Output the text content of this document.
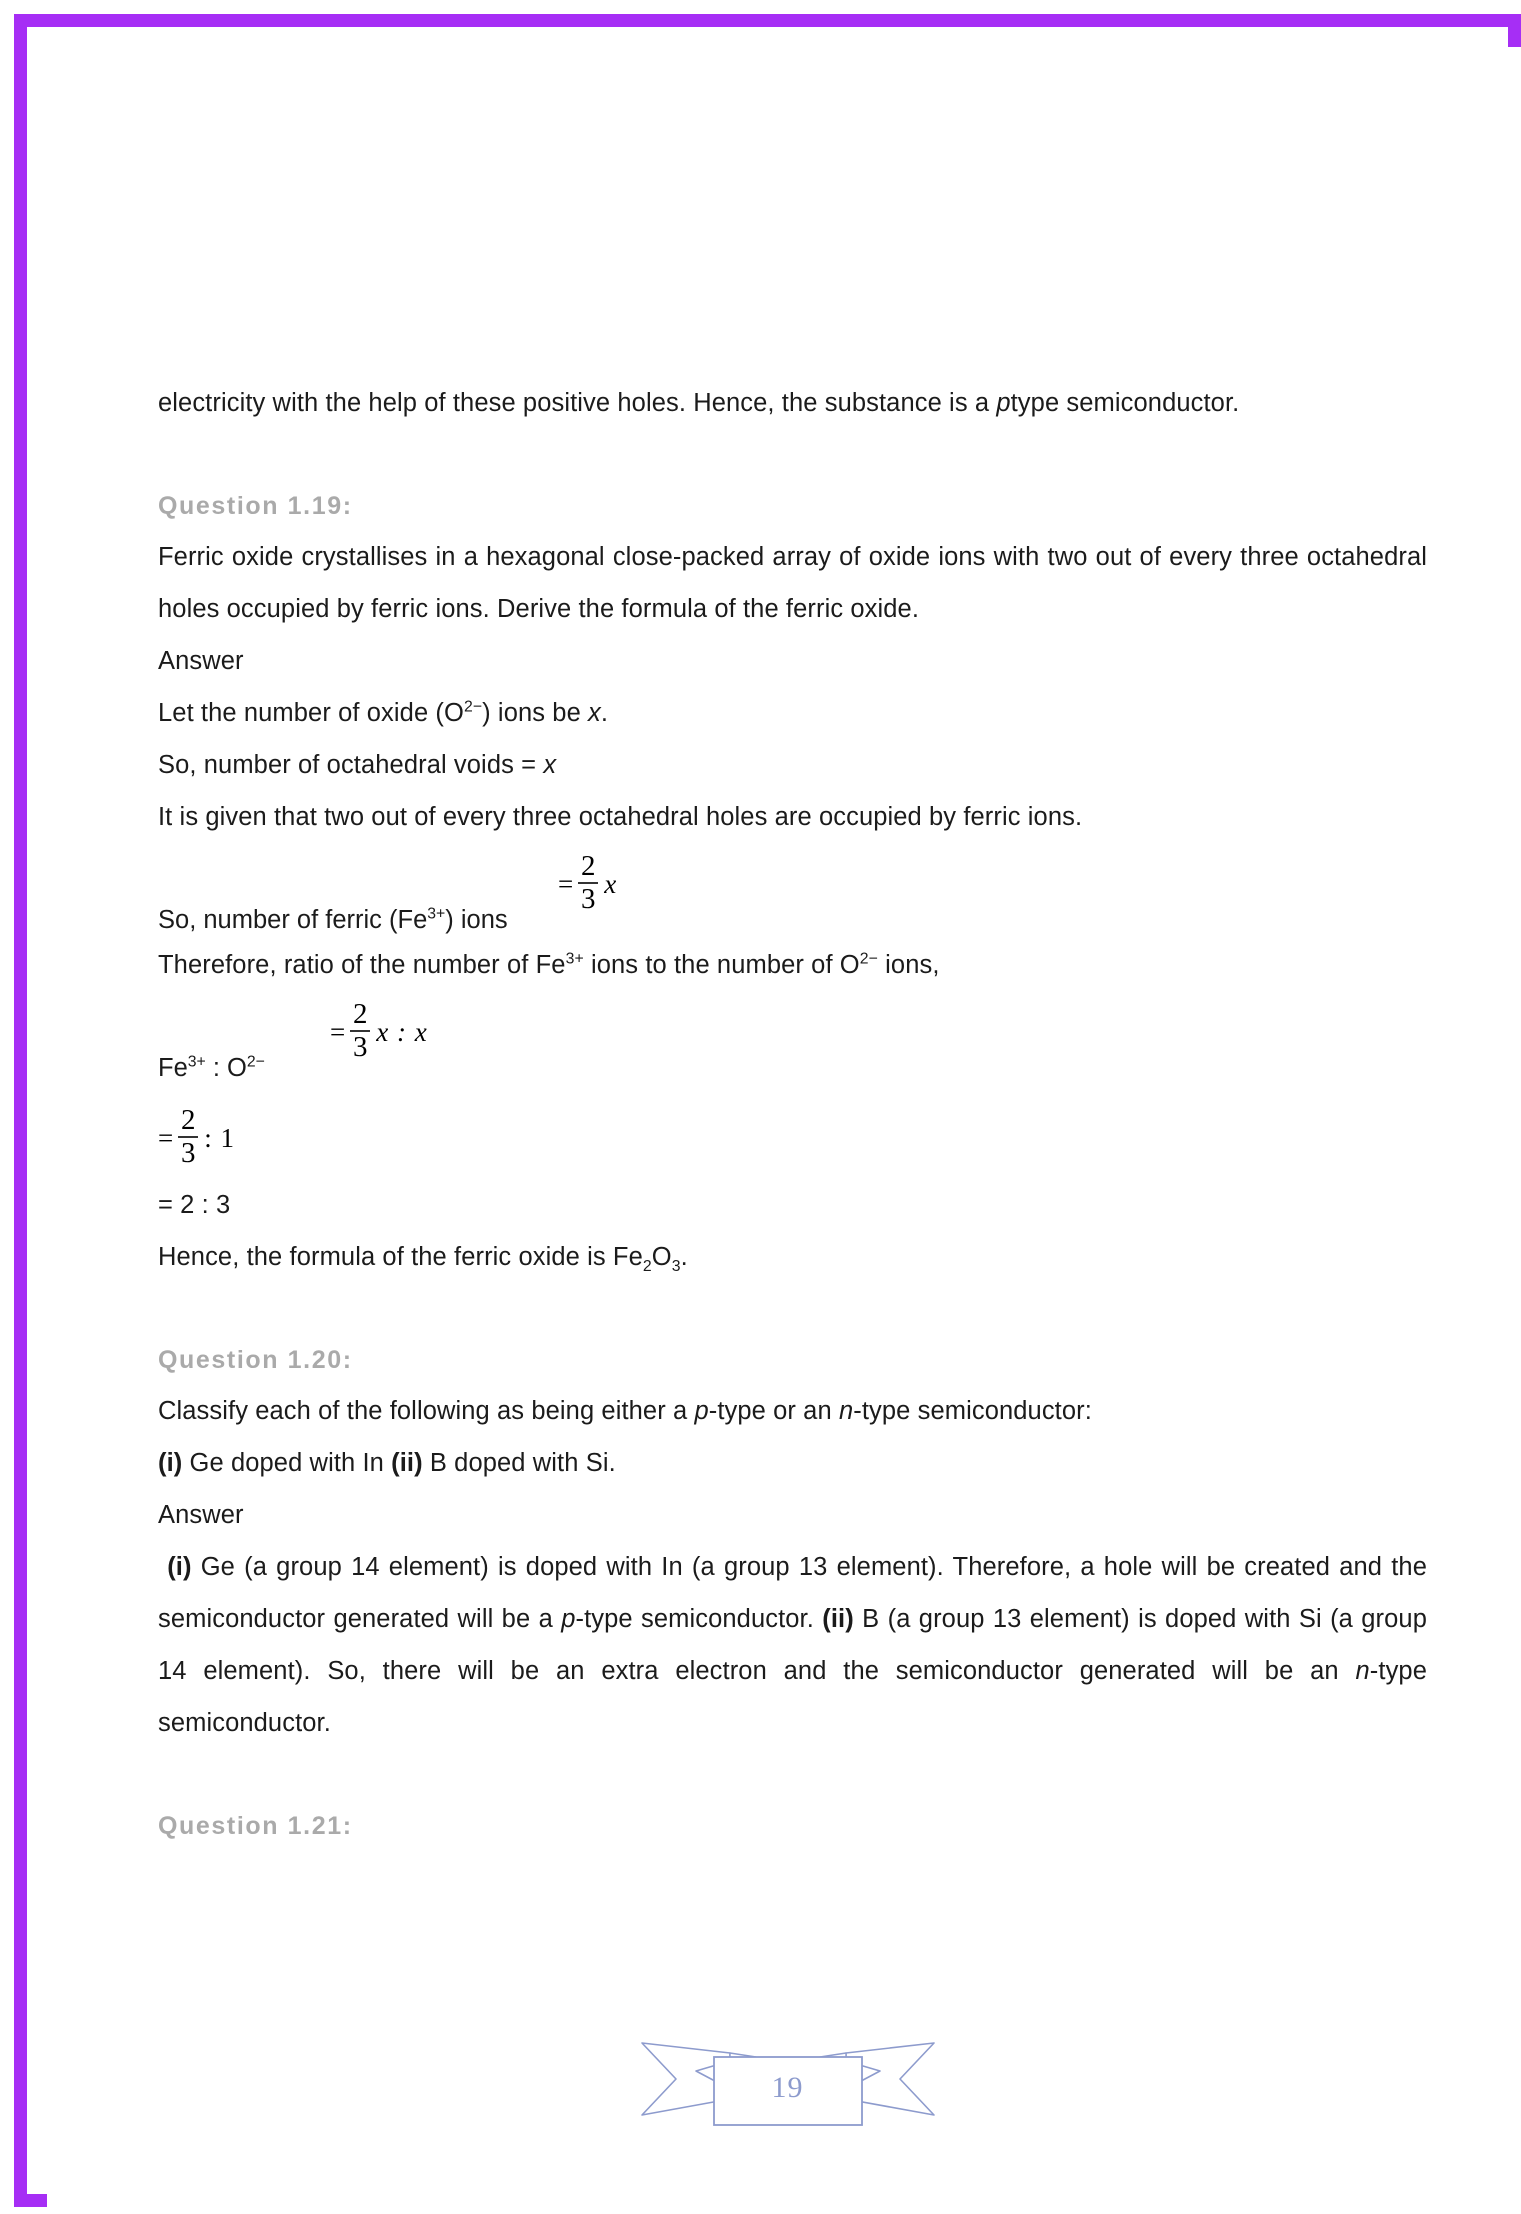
electricity with the help of these positive holes. Hence, the substance is a ptype semiconductor.

Question 1.19:

Ferric oxide crystallises in a hexagonal close-packed array of oxide ions with two out of every three octahedral holes occupied by ferric ions. Derive the formula of the ferric oxide.

Answer

Let the number of oxide $(O^{2-})$ ions be x.

So, number of octahedral voids = x

It is given that two out of every three octahedral holes are occupied by ferric ions.

So, number of ferric $(Fe^{3+})$ ions
= $\frac{2}{3}$ x

Therefore, ratio of the number of $Fe^{3+}$ ions to the number of $O^{2-}$ ions,

$Fe^{3+}$ : $O^{2-}$
= $\frac{2}{3}$ x : x
= $\frac{2}{3}$ : 1

= 2 : 3

Hence, the formula of the ferric oxide is $Fe_2O_3$.

Question 1.20:

Classify each of the following as being either a p-type or an n-type semiconductor:

(i) Ge doped with In (ii) B doped with Si.

Answer

(i) Ge (a group 14 element) is doped with In (a group 13 element). Therefore, a hole will be created and the semiconductor generated will be a p-type semiconductor. (ii) B (a group 13 element) is doped with Si (a group 14 element). So, there will be an extra electron and the semiconductor generated will be an n-type semiconductor.

Question 1.21:

19
